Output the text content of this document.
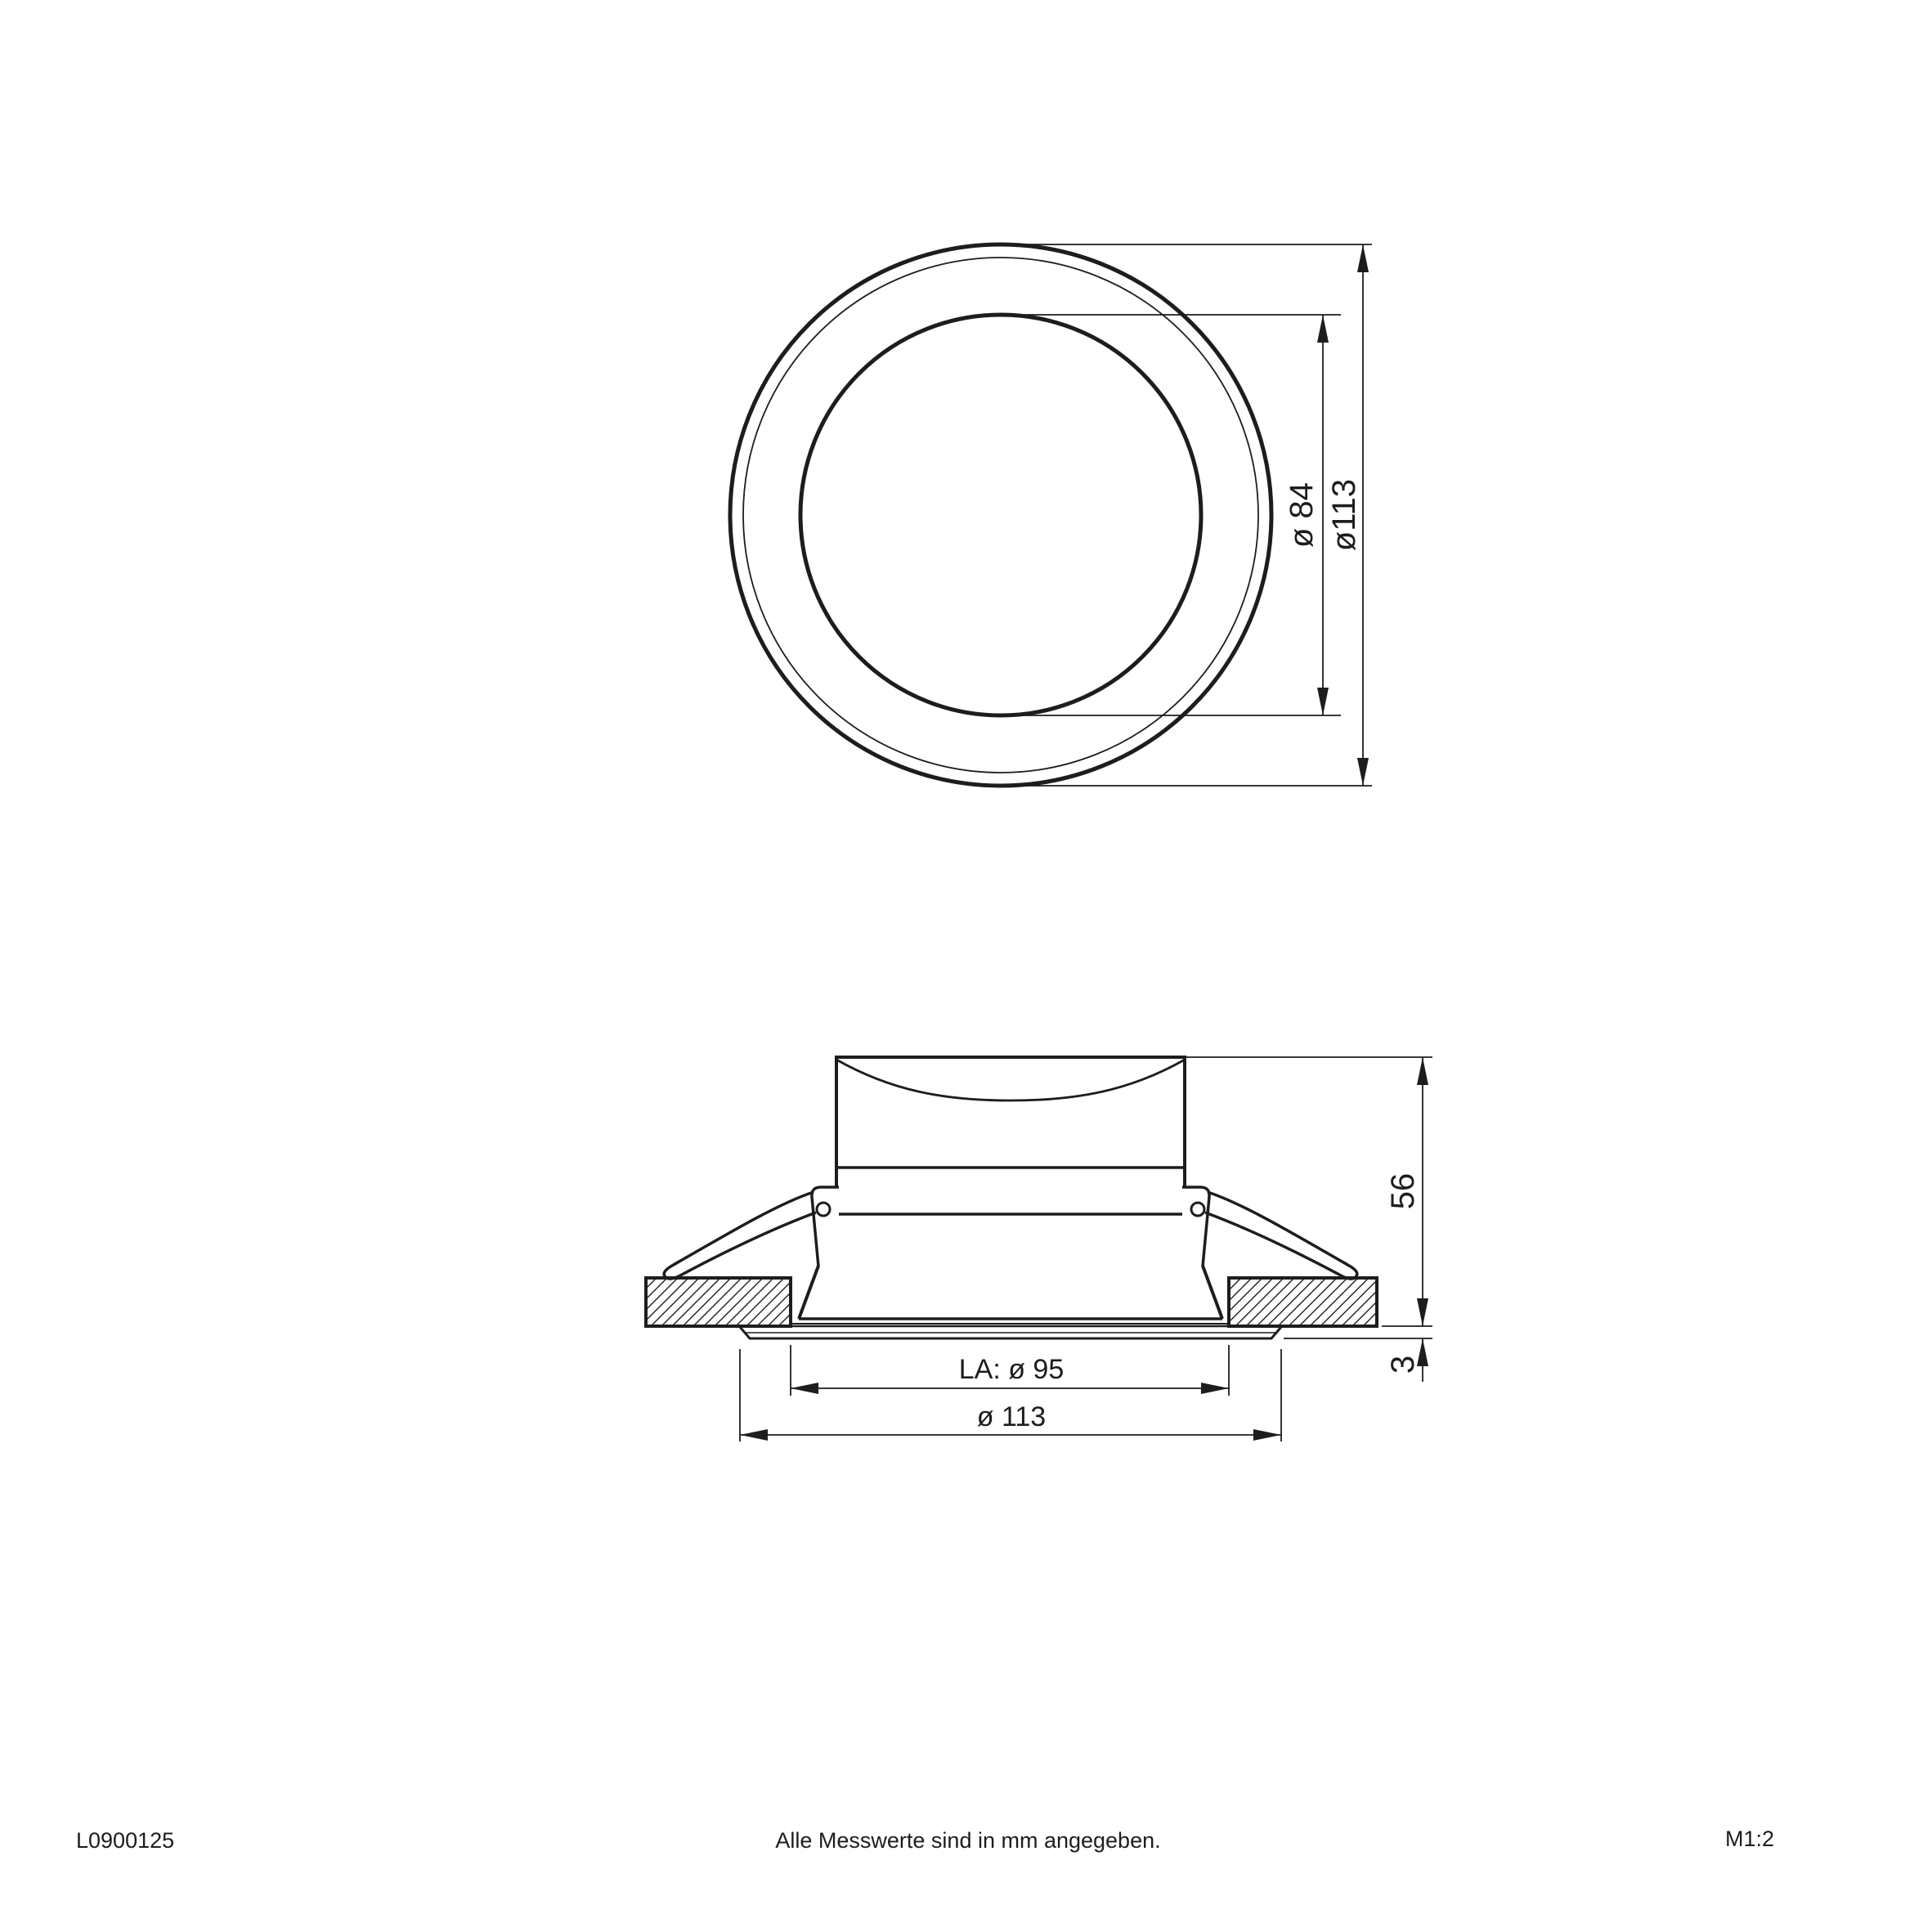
ø 84 ø113
56
3
LA: ø 95
ø 113
L0900125	Alle Messwerte sind in mm angegeben.	M1:2
